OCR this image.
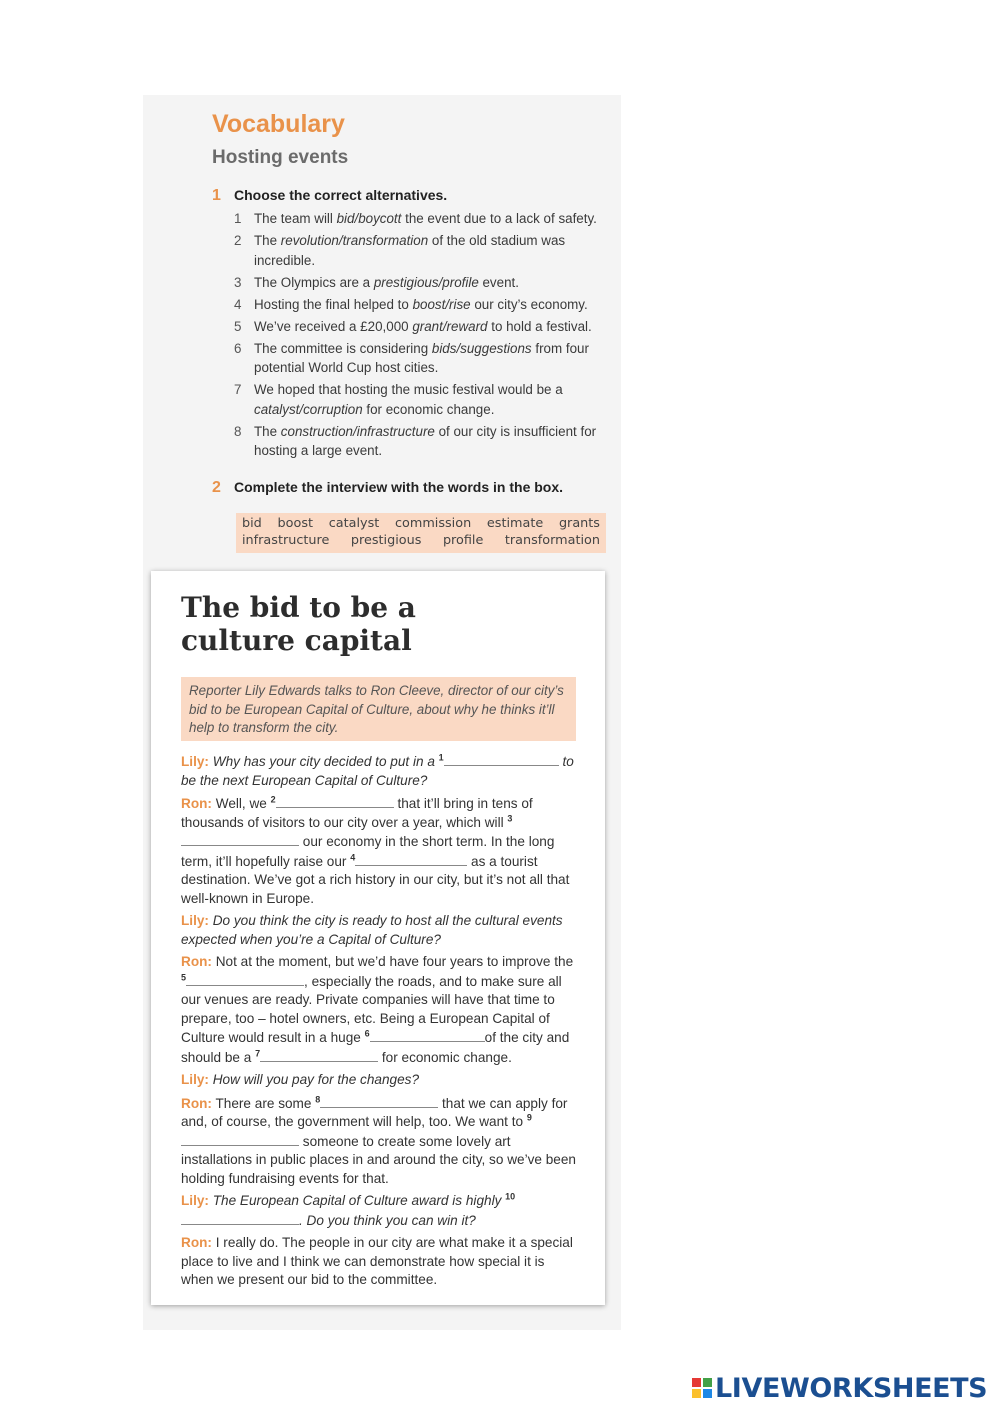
Vocabulary
Hosting events
1 Choose the correct alternatives.
1 The team will bid/boycott the event due to a lack of safety.
2 The revolution/transformation of the old stadium was incredible.
3 The Olympics are a prestigious/profile event.
4 Hosting the final helped to boost/rise our city’s economy.
5 We’ve received a £20,000 grant/reward to hold a festival.
6 The committee is considering bids/suggestions from four potential World Cup host cities.
7 We hoped that hosting the music festival would be a catalyst/corruption for economic change.
8 The construction/infrastructure of our city is insufficient for hosting a large event.
2 Complete the interview with the words in the box.
bid boost catalyst commission estimate grants
infrastructure prestigious profile transformation
The bid to be a culture capital
Reporter Lily Edwards talks to Ron Cleeve, director of our city’s bid to be European Capital of Culture, about why he thinks it’ll help to transform the city.

Lily: Why has your city decided to put in a $^1$	to be the next European Capital of Culture?

Ron: Well, we $^2$	that it’ll bring in tens of thousands of visitors to our city over a year, which will $^3$ our economy in the short term. In the long term, it’ll hopefully raise our $^4$	as a tourist destination. We’ve got a rich history in our city, but it’s not all that well-known in Europe.

Lily: Do you think the city is ready to host all the cultural events expected when you’re a Capital of Culture?

Ron: Not at the moment, but we’d have four years to improve the $^5$	, especially the roads, and to make sure all our venues are ready. Private companies will have that time to prepare, too – hotel owners, etc. Being a European Capital of Culture would result in a huge $^6$	of the city and should be a $^7$	for economic change.

Lily: How will you pay for the changes?

Ron: There are some $^8$	that we can apply for and, of course, the government will help, too. We want to $^9$ someone to create some lovely art installations in public places in and around the city, so we’ve been holding fundraising events for that.

Lily: The European Capital of Culture award is highly $^{10}$. Do you think you can win it?

Ron: I really do. The people in our city are what make it a special place to live and I think we can demonstrate how special it is when we present our bid to the committee.

LIVEWORKSHEETS
